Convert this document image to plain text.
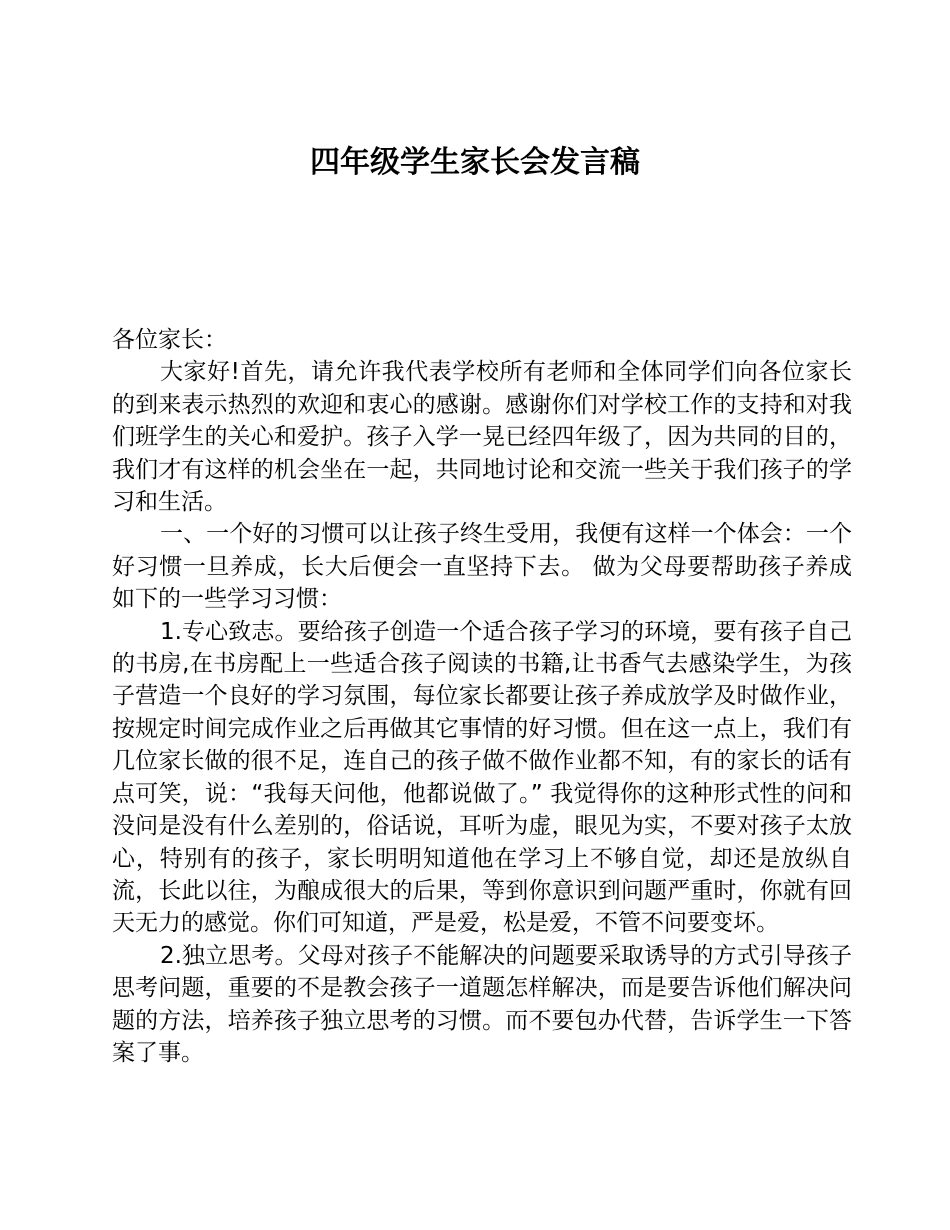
四年级学生家长会发言稿

各位家长：

大家好!首先，请允许我代表学校所有老师和全体同学们向各位家长的到来表示热烈的欢迎和衷心的感谢。感谢你们对学校工作的支持和对我们班学生的关心和爱护。孩子入学一晃已经四年级了，因为共同的目的，我们才有这样的机会坐在一起，共同地讨论和交流一些关于我们孩子的学习和生活。

一、一个好的习惯可以让孩子终生受用，我便有这样一个体会：一个好习惯一旦养成，长大后便会一直坚持下去。 做为父母要帮助孩子养成如下的一些学习习惯：

1.专心致志。要给孩子创造一个适合孩子学习的环境，要有孩子自己的书房,在书房配上一些适合孩子阅读的书籍,让书香气去感染学生，为孩子营造一个良好的学习氛围，每位家长都要让孩子养成放学及时做作业，按规定时间完成作业之后再做其它事情的好习惯。但在这一点上，我们有几位家长做的很不足，连自己的孩子做不做作业都不知，有的家长的话有点可笑，说：“我每天问他，他都说做了。” 我觉得你的这种形式性的问和没问是没有什么差别的，俗话说，耳听为虚，眼见为实，不要对孩子太放心，特别有的孩子，家长明明知道他在学习上不够自觉，却还是放纵自流，长此以往，为酿成很大的后果，等到你意识到问题严重时，你就有回天无力的感觉。你们可知道，严是爱，松是爱，不管不问要变坏。

2.独立思考。父母对孩子不能解决的问题要采取诱导的方式引导孩子思考问题，重要的不是教会孩子一道题怎样解决，而是要告诉他们解决问题的方法，培养孩子独立思考的习惯。而不要包办代替，告诉学生一下答案了事。
